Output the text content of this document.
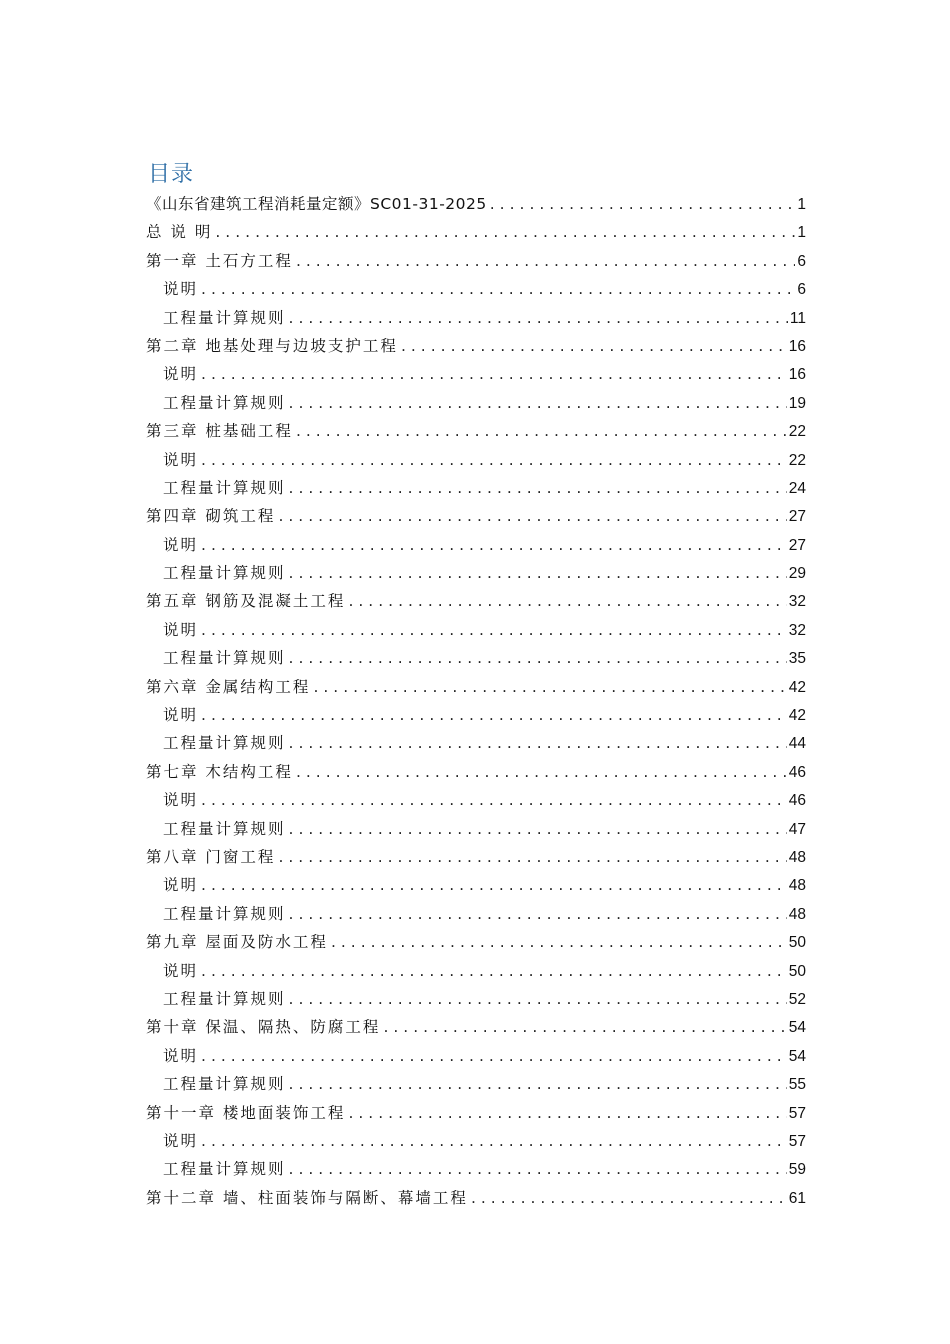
目录
《山东省建筑工程消耗量定额》SC01-31-2025 .....	1
总 说 明 .....	1
第一章 土石方工程 .....	6
说明 .....	6
工程量计算规则 .....	11
第二章 地基处理与边坡支护工程 .....	16
说明 .....	16
工程量计算规则 .....	19
第三章 桩基础工程 .....	22
说明 .....	22
工程量计算规则 .....	24
第四章 砌筑工程 .....	27
说明 .....	27
工程量计算规则 .....	29
第五章 钢筋及混凝土工程 .....	32
说明 .....	32
工程量计算规则 .....	35
第六章 金属结构工程 .....	42
说明 .....	42
工程量计算规则 .....	44
第七章 木结构工程 .....	46
说明 .....	46
工程量计算规则 .....	47
第八章 门窗工程 .....	48
说明 .....	48
工程量计算规则 .....	48
第九章 屋面及防水工程 .....	50
说明 .....	50
工程量计算规则 .....	52
第十章 保温、隔热、防腐工程 .....	54
说明 .....	54
工程量计算规则 .....	55
第十一章 楼地面装饰工程 .....	57
说明 .....	57
工程量计算规则 .....	59
第十二章 墙、柱面装饰与隔断、幕墙工程 .....	61
